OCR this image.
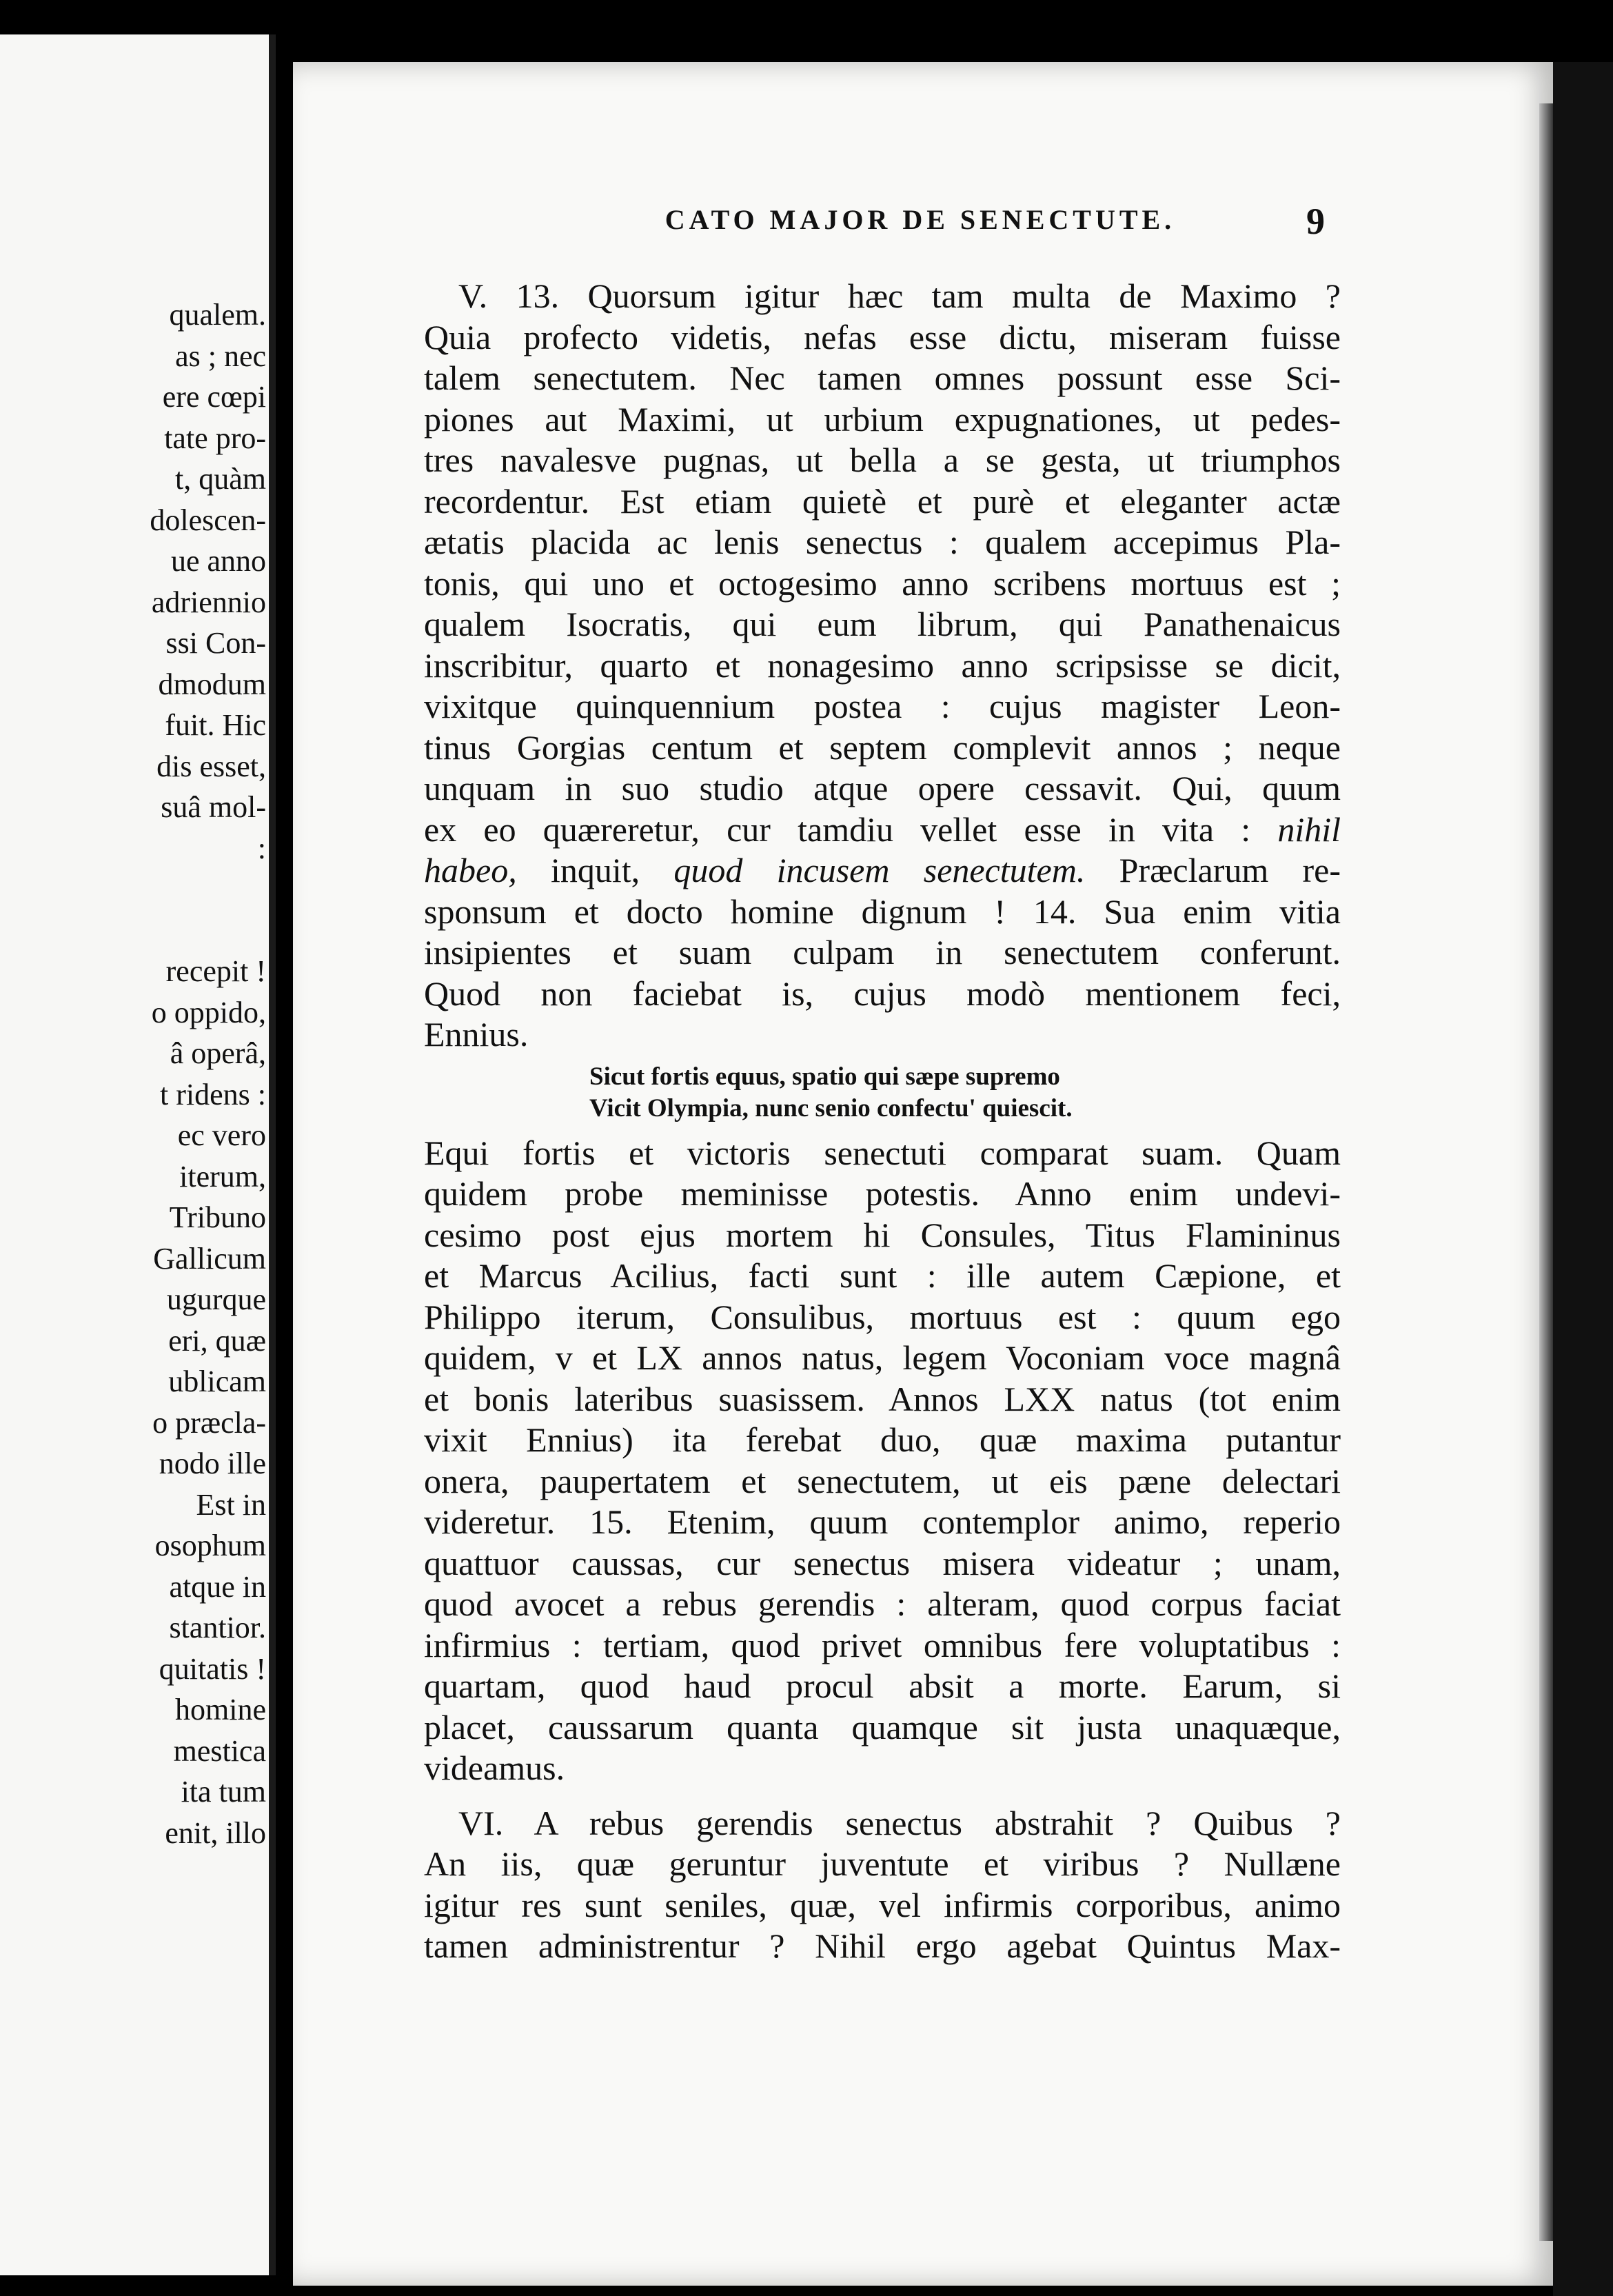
qualem.
as ; nec
ere cœpi
tate pro-
t, quàm
dolescen-
ue anno
adriennio
ssi Con-
dmodum
fuit. Hic
dis esset,
suâ mol-
:
recepit !
o oppido,
â operâ,
t ridens :
ec vero
iterum,
Tribuno
Gallicum
ugurque
eri, quæ
ublicam
o præcla-
nodo ille
Est in
osophum
atque in
stantior.
quitatis !
homine
mestica
ita tum
enit, illo
CATO MAJOR DE SENECTUTE.	9
V. 13. Quorsum igitur hæc tam multa de Maximo ?
Quia profecto videtis, nefas esse dictu, miseram fuisse
talem senectutem. Nec tamen omnes possunt esse Sci-
piones aut Maximi, ut urbium expugnationes, ut pedes-
tres navalesve pugnas, ut bella a se gesta, ut triumphos
recordentur. Est etiam quietè et purè et eleganter actæ
ætatis placida ac lenis senectus : qualem accepimus Pla-
tonis, qui uno et octogesimo anno scribens mortuus est ;
qualem Isocratis, qui eum librum, qui Panathenaicus
inscribitur, quarto et nonagesimo anno scripsisse se dicit,
vixitque quinquennium postea : cujus magister Leon-
tinus Gorgias centum et septem complevit annos ; neque
unquam in suo studio atque opere cessavit. Qui, quum
ex eo quæreretur, cur tamdiu vellet esse in vita : nihil
habeo, inquit, quod incusem senectutem. Præclarum re-
sponsum et docto homine dignum ! 14. Sua enim vitia
insipientes et suam culpam in senectutem conferunt.
Quod non faciebat is, cujus modò mentionem feci,
Ennius.
Sicut fortis equus, spatio qui sæpe supremo
Vicit Olympia, nunc senio confectu' quiescit.
Equi fortis et victoris senectuti comparat suam. Quam
quidem probe meminisse potestis. Anno enim undevi-
cesimo post ejus mortem hi Consules, Titus Flamininus
et Marcus Acilius, facti sunt : ille autem Cæpione, et
Philippo iterum, Consulibus, mortuus est : quum ego
quidem, v et LX annos natus, legem Voconiam voce magnâ
et bonis lateribus suasissem. Annos LXX natus (tot enim
vixit Ennius) ita ferebat duo, quæ maxima putantur
onera, paupertatem et senectutem, ut eis pæne delectari
videretur. 15. Etenim, quum contemplor animo, reperio
quattuor caussas, cur senectus misera videatur ; unam,
quod avocet a rebus gerendis : alteram, quod corpus faciat
infirmius : tertiam, quod privet omnibus fere voluptatibus :
quartam, quod haud procul absit a morte. Earum, si
placet, caussarum quanta quamque sit justa unaquæque,
videamus.
VI. A rebus gerendis senectus abstrahit ? Quibus ?
An iis, quæ geruntur juventute et viribus ? Nullæne
igitur res sunt seniles, quæ, vel infirmis corporibus, animo
tamen administrentur ? Nihil ergo agebat Quintus Max-
